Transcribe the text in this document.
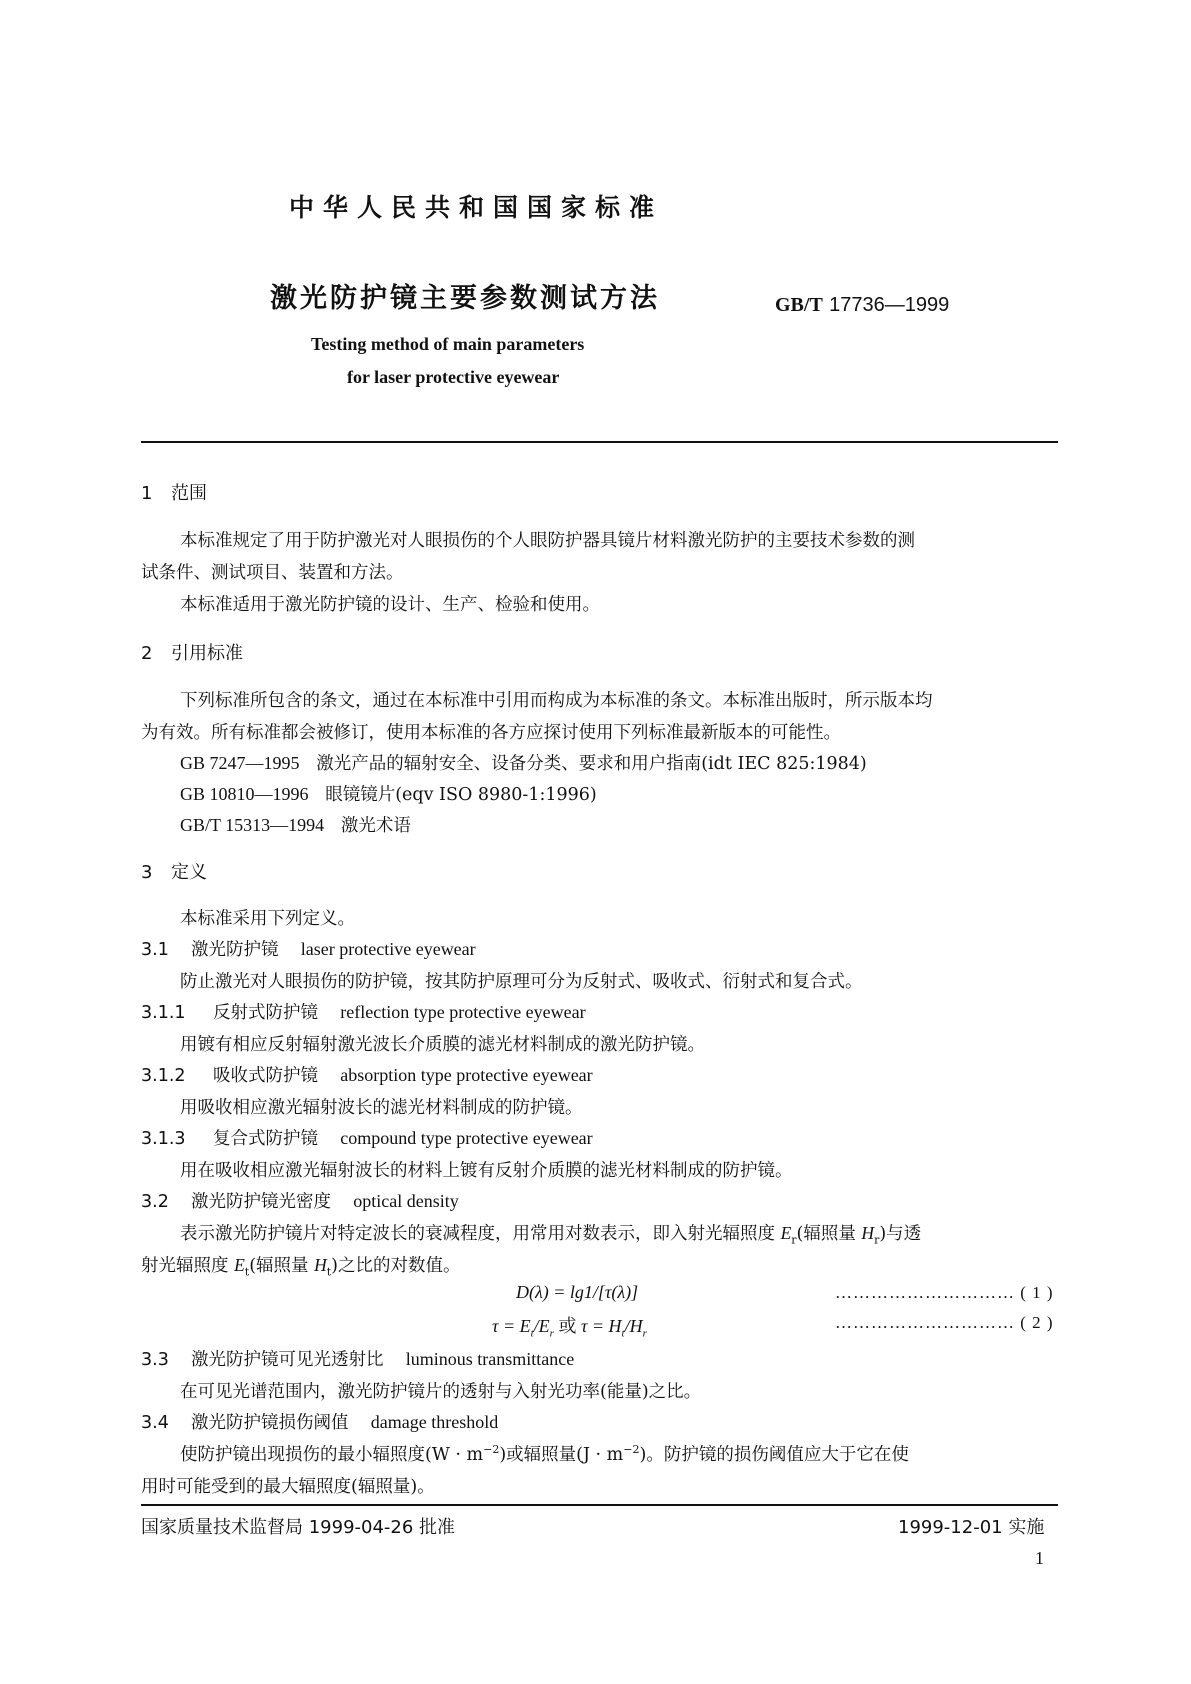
中华人民共和国国家标准
激光防护镜主要参数测试方法	GB/T 17736—1999
Testing method of main parameters
for laser protective eyewear
1 范围
本标准规定了用于防护激光对人眼损伤的个人眼防护器具镜片材料激光防护的主要技术参数的测
试条件、测试项目、装置和方法。
本标准适用于激光防护镜的设计、生产、检验和使用。
2 引用标准
下列标准所包含的条文，通过在本标准中引用而构成为本标准的条文。本标准出版时，所示版本均
为有效。所有标准都会被修订，使用本标准的各方应探讨使用下列标准最新版本的可能性。
GB 7247—1995 激光产品的辐射安全、设备分类、要求和用户指南(idt IEC 825:1984)
GB 10810—1996 眼镜镜片(eqv ISO 8980-1:1996)
GB/T 15313—1994 激光术语
3 定义
本标准采用下列定义。
3.1 激光防护镜 laser protective eyewear
防止激光对人眼损伤的防护镜，按其防护原理可分为反射式、吸收式、衍射式和复合式。
3.1.1 反射式防护镜 reflection type protective eyewear
用镀有相应反射辐射激光波长介质膜的滤光材料制成的激光防护镜。
3.1.2 吸收式防护镜 absorption type protective eyewear
用吸收相应激光辐射波长的滤光材料制成的防护镜。
3.1.3 复合式防护镜 compound type protective eyewear
用在吸收相应激光辐射波长的材料上镀有反射介质膜的滤光材料制成的防护镜。
3.2 激光防护镜光密度 optical density
表示激光防护镜片对特定波长的衰减程度，用常用对数表示，即入射光辐照度 $E_r$(辐照量 $H_r$)与透
射光辐照度 $E_t$(辐照量 $H_t$)之比的对数值。
D(λ) = lg1/[τ(λ)]	………………………… ( 1 )
$\tau = E_t/E_r$ 或 $\tau = H_t/H_r$
………………………… ( 2 )
3.3 激光防护镜可见光透射比 luminous transmittance
在可见光谱范围内，激光防护镜片的透射与入射光功率(能量)之比。
3.4 激光防护镜损伤阈值 damage threshold
使防护镜出现损伤的最小辐照度$(W \cdot m^{-2})$或辐照量$(J \cdot m^{-2})$。防护镜的损伤阈值应大于它在使
用时可能受到的最大辐照度(辐照量)。
国家质量技术监督局 1999-04-26 批准	1999-12-01 实施
1
